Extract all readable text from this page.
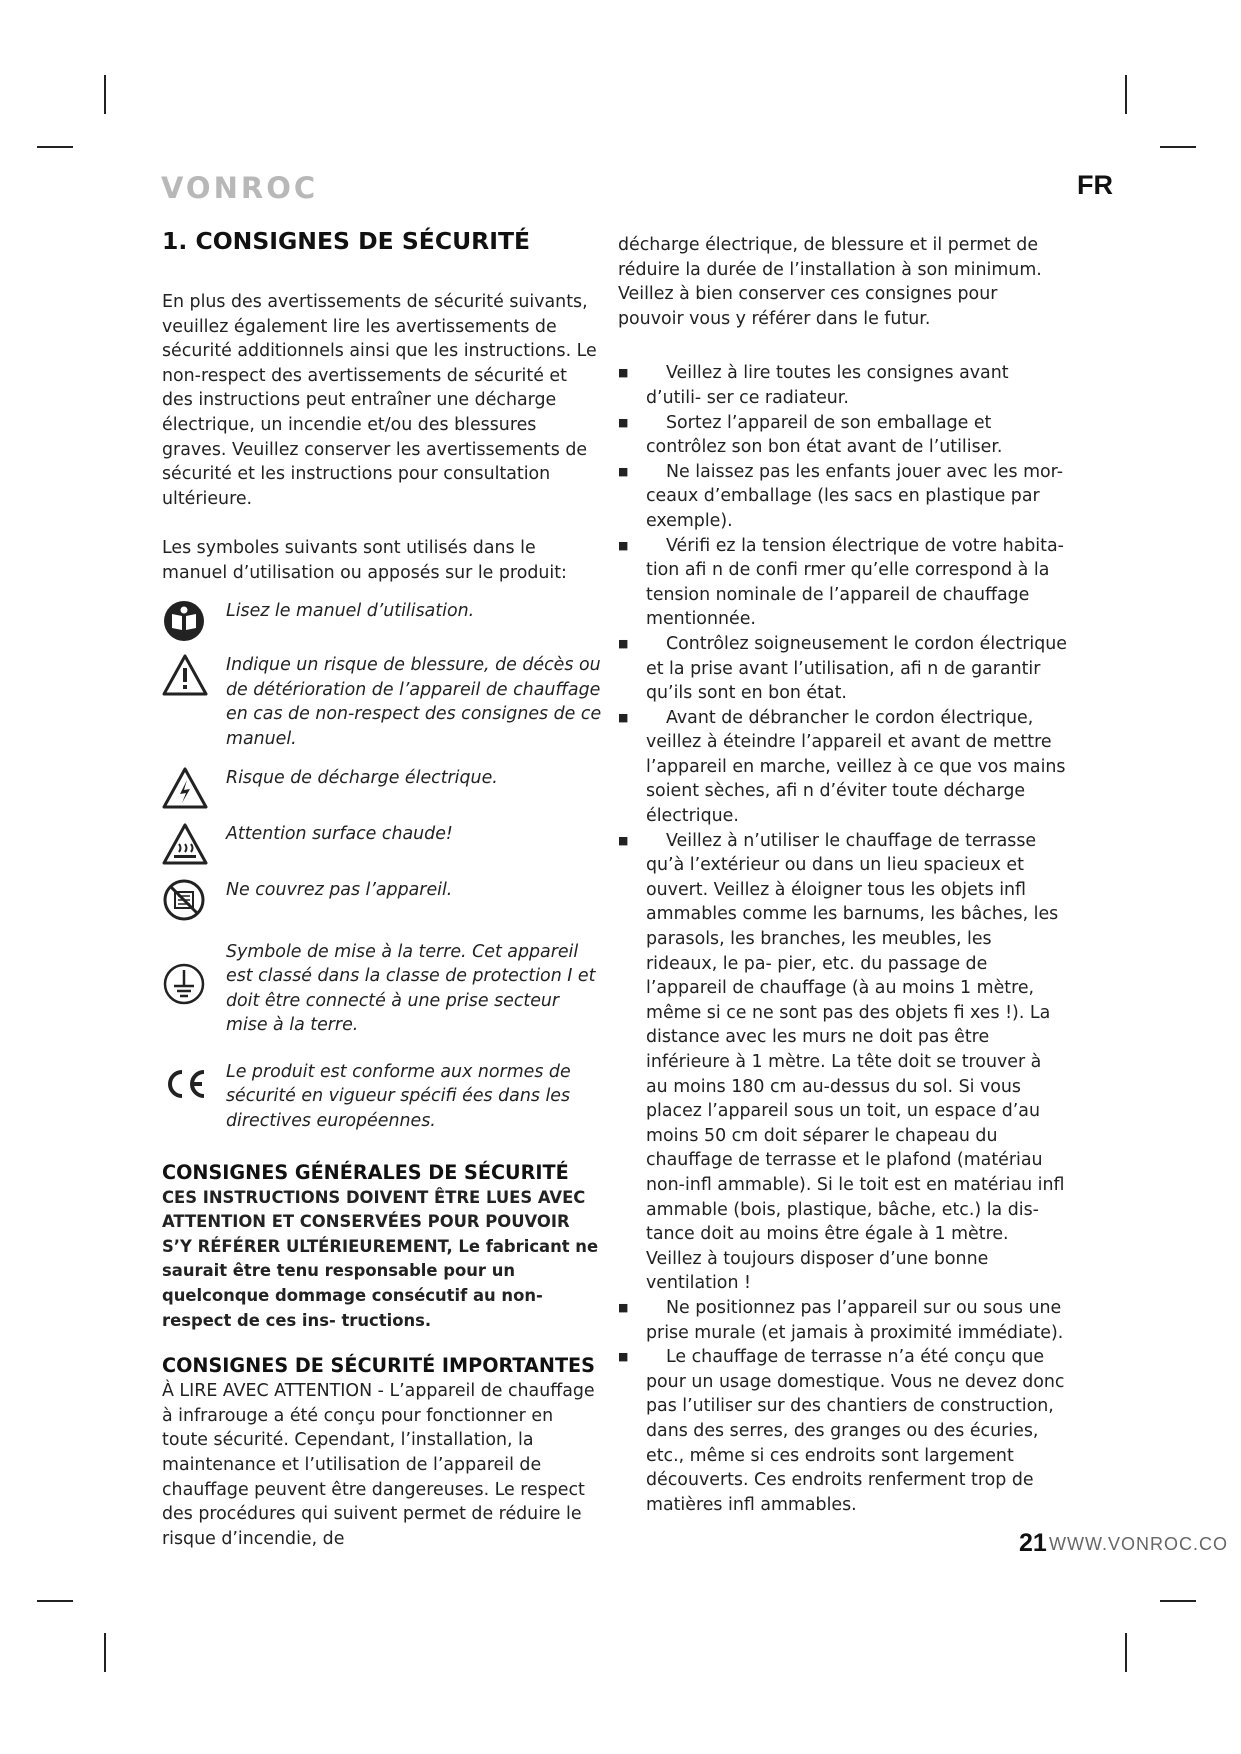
VONROC	FR
1. CONSIGNES DE SÉCURITÉ

En plus des avertissements de sécurité suivants, veuillez également lire les avertissements de sécurité additionnels ainsi que les instructions. Le non-respect des avertissements de sécurité et des instructions peut entraîner une décharge électrique, un incendie et/ou des blessures graves. Veuillez conserver les avertissements de sécurité et les instructions pour consultation ultérieure.

Les symboles suivants sont utilisés dans le manuel d’utilisation ou apposés sur le produit:

Lisez le manuel d’utilisation.
Indique un risque de blessure, de décès ou de détérioration de l’appareil de chauffage en cas de non-respect des consignes de ce manuel.
Risque de décharge électrique.
Attention surface chaude!
Ne couvrez pas l’appareil.
Symbole de mise à la terre. Cet appareil est classé dans la classe de protection I et doit être connecté à une prise secteur mise à la terre.
Le produit est conforme aux normes de sécurité en vigueur spécifi ées dans les directives européennes.

CONSIGNES GÉNÉRALES DE SÉCURITÉ

CES INSTRUCTIONS DOIVENT ÊTRE LUES AVEC ATTENTION ET CONSERVÉES POUR POUVOIR S’Y RÉFÉRER ULTÉRIEUREMENT, Le fabricant ne saurait être tenu responsable pour un quelconque dommage consécutif au non-respect de ces ins- tructions.

CONSIGNES DE SÉCURITÉ IMPORTANTES

À LIRE AVEC ATTENTION - L’appareil de chauffage à infrarouge a été conçu pour fonctionner en toute sécurité. Cependant, l’installation, la maintenance et l’utilisation de l’appareil de chauffage peuvent être dangereuses. Le respect des procédures qui suivent permet de réduire le risque d’incendie, de

décharge électrique, de blessure et il permet de réduire la durée de l’installation à son minimum. Veillez à bien conserver ces consignes pour pouvoir vous y référer dans le futur.

■ Veillez à lire toutes les consignes avant d’utili- ser ce radiateur.
■ Sortez l’appareil de son emballage et contrôlez son bon état avant de l’utiliser.
■ Ne laissez pas les enfants jouer avec les mor- ceaux d’emballage (les sacs en plastique par exemple).
■ Vérifi ez la tension électrique de votre habita- tion afi n de confi rmer qu’elle correspond à la tension nominale de l’appareil de chauffage mentionnée.
■ Contrôlez soigneusement le cordon électrique et la prise avant l’utilisation, afi n de garantir qu’ils sont en bon état.
■ Avant de débrancher le cordon électrique, veillez à éteindre l’appareil et avant de mettre l’appareil en marche, veillez à ce que vos mains soient sèches, afi n d’éviter toute décharge électrique.
■ Veillez à n’utiliser le chauffage de terrasse qu’à l’extérieur ou dans un lieu spacieux et ouvert. Veillez à éloigner tous les objets infl ammables comme les barnums, les bâches, les parasols, les branches, les meubles, les rideaux, le pa- pier, etc. du passage de l’appareil de chauffage (à au moins 1 mètre, même si ce ne sont pas des objets fi xes !). La distance avec les murs ne doit pas être inférieure à 1 mètre. La tête doit se trouver à au moins 180 cm au-dessus du sol. Si vous placez l’appareil sous un toit, un espace d’au moins 50 cm doit séparer le chapeau du chauffage de terrasse et le plafond (matériau non-infl ammable). Si le toit est en matériau infl ammable (bois, plastique, bâche, etc.) la dis- tance doit au moins être égale à 1 mètre. Veillez à toujours disposer d’une bonne ventilation !
■ Ne positionnez pas l’appareil sur ou sous une prise murale (et jamais à proximité immédiate).
■ Le chauffage de terrasse n’a été conçu que pour un usage domestique. Vous ne devez donc pas l’utiliser sur des chantiers de construction, dans des serres, des granges ou des écuries, etc., même si ces endroits sont largement découverts. Ces endroits renferment trop de matières infl ammables.
21 WWW.VONROC.CO
